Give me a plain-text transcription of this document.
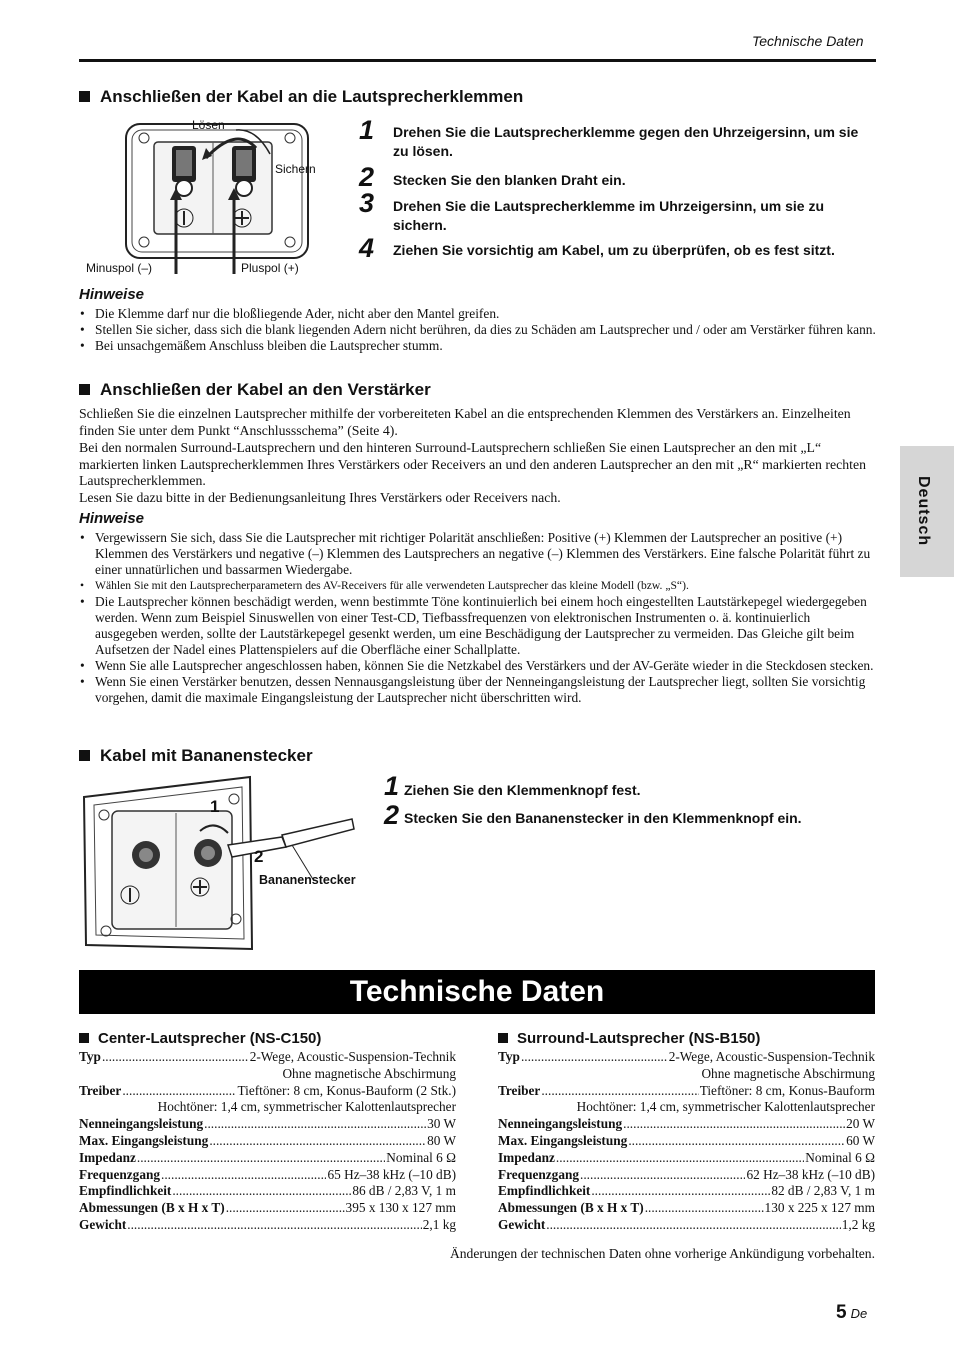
Technische Daten
Anschließen der Kabel an die Lautsprecherklemmen
Lösen
Sichern
Minuspol (–)	Pluspol (+)
1 Drehen Sie die Lautsprecherklemme gegen den Uhrzeigersinn, um sie zu lösen.
2 Stecken Sie den blanken Draht ein.
3 Drehen Sie die Lautsprecherklemme im Uhrzeigersinn, um sie zu sichern.
4 Ziehen Sie vorsichtig am Kabel, um zu überprüfen, ob es fest sitzt.
Hinweise
• Die Klemme darf nur die bloßliegende Ader, nicht aber den Mantel greifen.
• Stellen Sie sicher, dass sich die blank liegenden Adern nicht berühren, da dies zu Schäden am Lautsprecher und / oder am Verstärker führen kann.
• Bei unsachgemäßem Anschluss bleiben die Lautsprecher stumm.
Anschließen der Kabel an den Verstärker
Schließen Sie die einzelnen Lautsprecher mithilfe der vorbereiteten Kabel an die entsprechenden Klemmen des Verstärkers an. Einzelheiten finden Sie unter dem Punkt “Anschlussschema” (Seite 4).
Bei den normalen Surround-Lautsprechern und den hinteren Surround-Lautsprechern schließen Sie einen Lautsprecher an den mit „L“ markierten linken Lautsprecherklemmen Ihres Verstärkers oder Receivers an und den anderen Lautsprecher an den mit „R“ markierten rechten Lautsprecherklemmen.
Lesen Sie dazu bitte in der Bedienungsanleitung Ihres Verstärkers oder Receivers nach.
Hinweise
• Vergewissern Sie sich, dass Sie die Lautsprecher mit richtiger Polarität anschließen: Positive (+) Klemmen der Lautsprecher an positive (+) Klemmen des Verstärkers und negative (–) Klemmen des Lautsprechers an negative (–) Klemmen des Verstärkers. Eine falsche Polarität führt zu einer unnatürlichen und bassarmen Wiedergabe.
• Wählen Sie mit den Lautsprecherparametern des AV-Receivers für alle verwendeten Lautsprecher das kleine Modell (bzw. „S“).
• Die Lautsprecher können beschädigt werden, wenn bestimmte Töne kontinuierlich bei einem hoch eingestellten Lautstärkepegel wiedergegeben werden. Wenn zum Beispiel Sinuswellen von einer Test-CD, Tiefbassfrequenzen von elektronischen Instrumenten o. ä. kontinuierlich ausgegeben werden, sollte der Lautstärkepegel gesenkt werden, um eine Beschädigung der Lautsprecher zu vermeiden. Das Gleiche gilt beim Aufsetzen der Nadel eines Plattenspielers auf die Oberfläche einer Schallplatte.
• Wenn Sie alle Lautsprecher angeschlossen haben, können Sie die Netzkabel des Verstärkers und der AV-Geräte wieder in die Steckdosen stecken.
• Wenn Sie einen Verstärker benutzen, dessen Nennausgangsleistung über der Nenneingangsleistung der Lautsprecher liegt, sollten Sie vorsichtig vorgehen, damit die maximale Eingangsleistung der Lautsprecher nicht überschritten wird.
Kabel mit Bananenstecker
1
2
Bananenstecker
1 Ziehen Sie den Klemmenknopf fest.
2 Stecken Sie den Bananenstecker in den Klemmenknopf ein.
Technische Daten
Center-Lautsprecher (NS-C150)
Typ .....	2-Wege, Acoustic-Suspension-Technik
Ohne magnetische Abschirmung
Treiber .....	Tieftöner: 8 cm, Konus-Bauform (2 Stk.)
Hochtöner: 1,4 cm, symmetrischer Kalottenlautsprecher
Nenneingangsleistung .....	30 W
Max. Eingangsleistung .....	80 W
Impedanz .....	Nominal 6 Ω
Frequenzgang .....	65 Hz–38 kHz (–10 dB)
Empfindlichkeit .....	86 dB / 2,83 V, 1 m
Abmessungen (B x H x T) .....	395 x 130 x 127 mm
Gewicht .....	2,1 kg
Surround-Lautsprecher (NS-B150)
Typ .....	2-Wege, Acoustic-Suspension-Technik
Ohne magnetische Abschirmung
Treiber .....	Tieftöner: 8 cm, Konus-Bauform
Hochtöner: 1,4 cm, symmetrischer Kalottenlautsprecher
Nenneingangsleistung .....	20 W
Max. Eingangsleistung .....	60 W
Impedanz .....	Nominal 6 Ω
Frequenzgang .....	62 Hz–38 kHz (–10 dB)
Empfindlichkeit .....	82 dB / 2,83 V, 1 m
Abmessungen (B x H x T) .....	130 x 225 x 127 mm
Gewicht .....	1,2 kg
Änderungen der technischen Daten ohne vorherige Ankündigung vorbehalten.
Deutsch
5 De
